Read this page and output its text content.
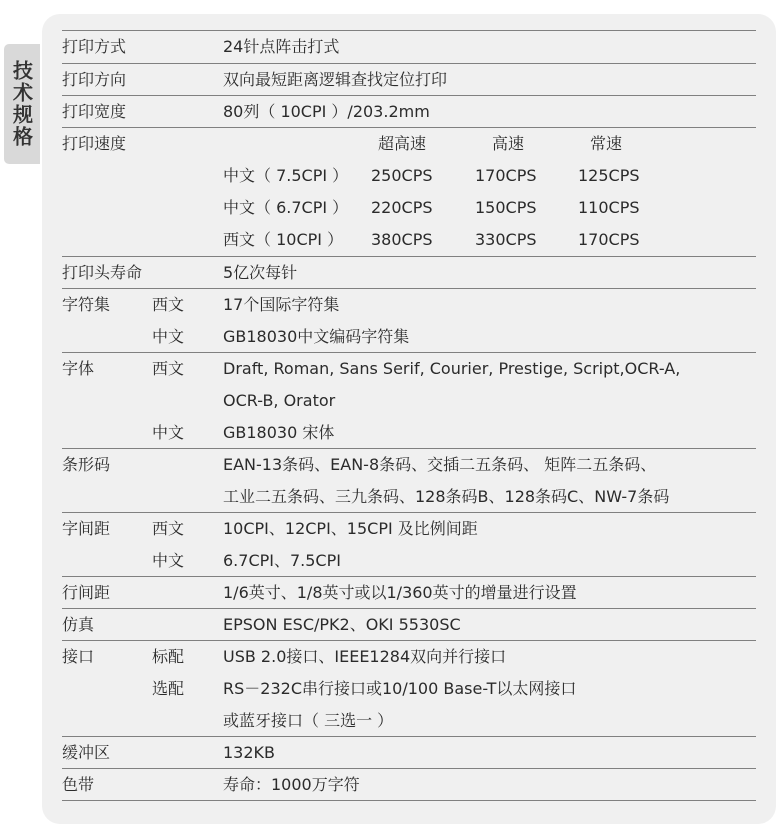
技术规格
打印方式	24针点阵击打式
打印方向	双向最短距离逻辑查找定位打印
打印宽度	80列（ 10CPI ）/203.2mm
打印速度	超高速	高速	常速
中文（ 7.5CPI ） 250CPS	170CPS	125CPS
中文（ 6.7CPI ） 220CPS	150CPS	110CPS
西文（ 10CPI ） 380CPS	330CPS	170CPS
打印头寿命	5亿次每针
字符集	西文 17个国际字符集
中文 GB18030中文编码字符集
字体	西文 Draft, Roman, Sans Serif, Courier, Prestige, Script,OCR-A,
OCR-B, Orator
中文 GB18030 宋体
条形码	EAN-13条码、EAN-8条码、交插二五条码、 矩阵二五条码、
工业二五条码、三九条码、128条码B、128条码C、NW-7条码
字间距	西文 10CPI、12CPI、15CPI 及比例间距
中文 6.7CPI、7.5CPI
行间距	1/6英寸、1/8英寸或以1/360英寸的增量进行设置
仿真	EPSON ESC/PK2、OKI 5530SC
接口	标配 USB 2.0接口、IEEE1284双向并行接口
选配 RS－232C串行接口或10/100 Base-T以太网接口
或蓝牙接口（ 三选一 ）
缓冲区	132KB
色带	寿命：1000万字符
